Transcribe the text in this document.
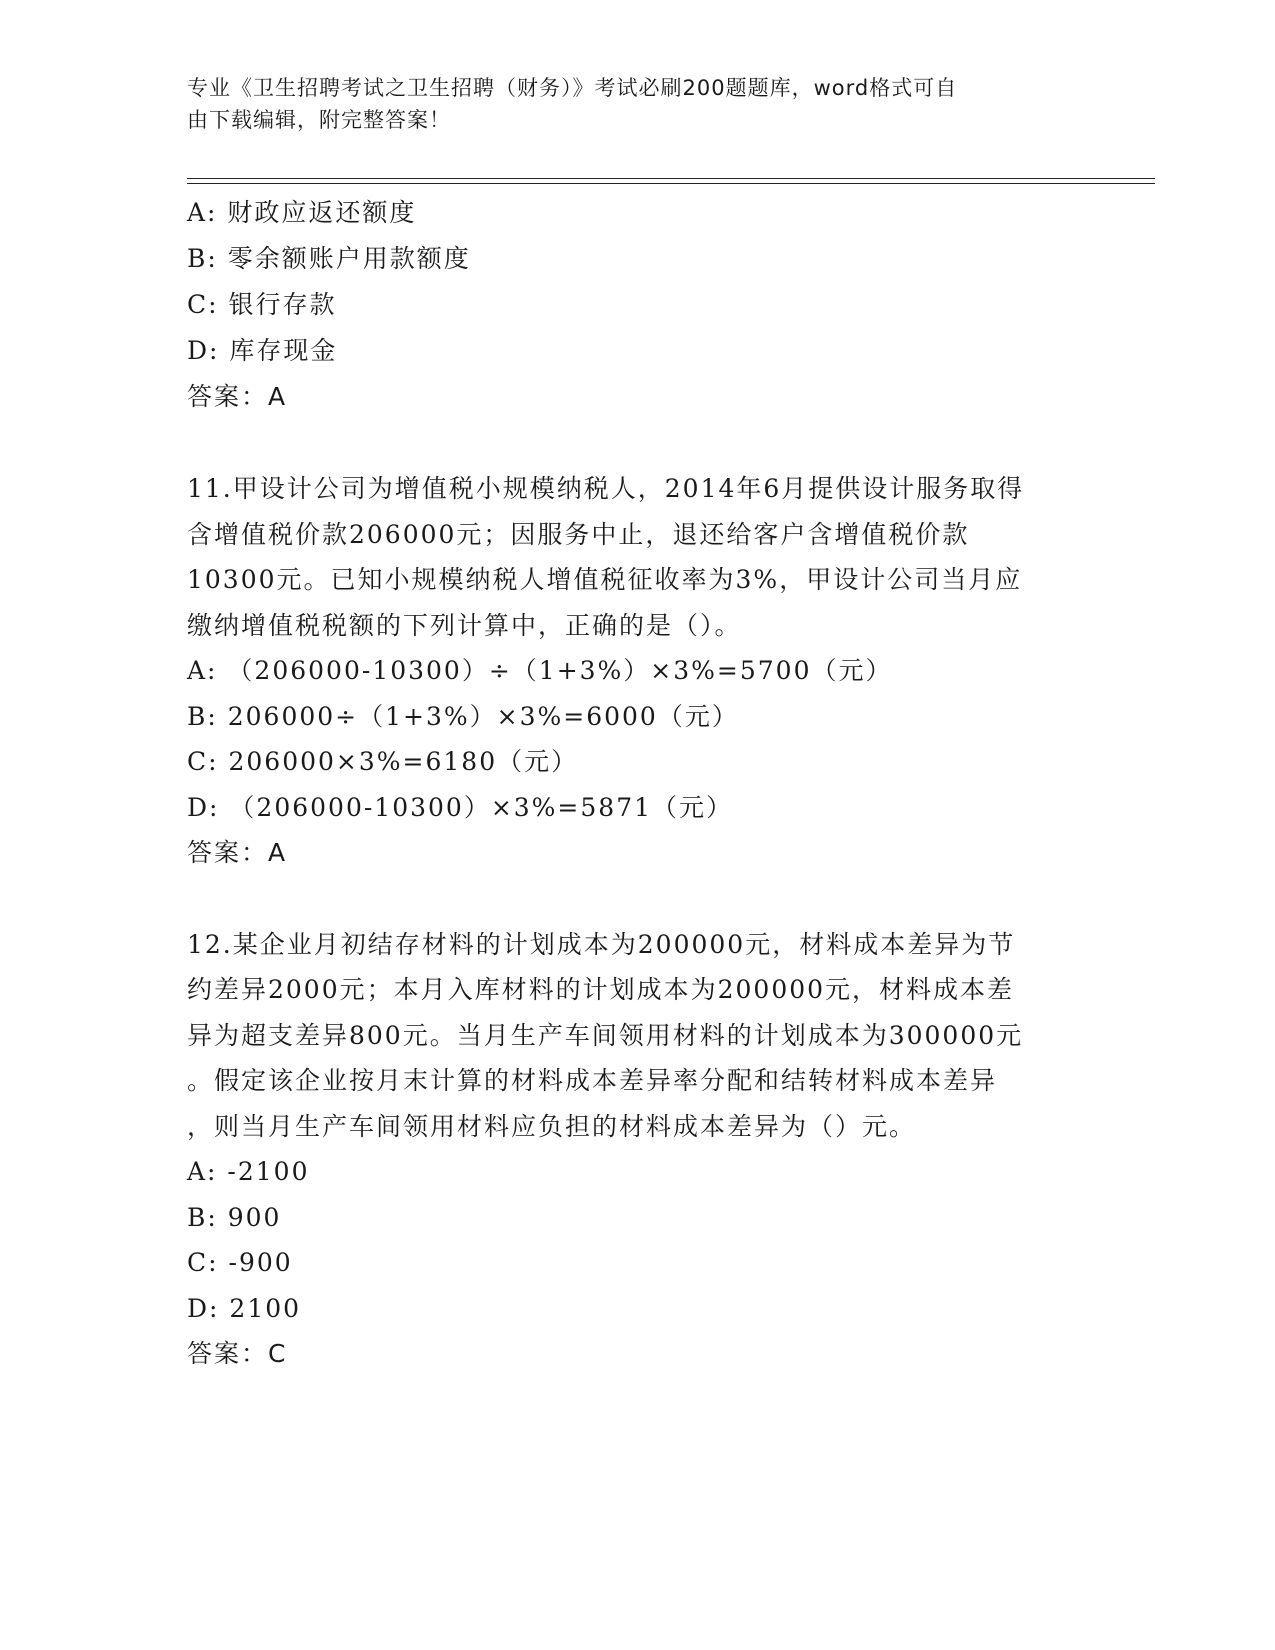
专业《卫生招聘考试之卫生招聘（财务）》考试必刷200题题库，word格式可自
由下载编辑，附完整答案！
A: 财政应返还额度
B: 零余额账户用款额度
C: 银行存款
D: 库存现金
答案：A
11.甲设计公司为增值税小规模纳税人，2014年6月提供设计服务取得
含增值税价款206000元；因服务中止，退还给客户含增值税价款
10300元。已知小规模纳税人增值税征收率为3%，甲设计公司当月应
缴纳增值税税额的下列计算中，正确的是（）。
A: （206000-10300）÷（1+3%）×3%=5700（元）
B: 206000÷（1+3%）×3%=6000（元）
C: 206000×3%=6180（元）
D: （206000-10300）×3%=5871（元）
答案：A
12.某企业月初结存材料的计划成本为200000元，材料成本差异为节
约差异2000元；本月入库材料的计划成本为200000元，材料成本差
异为超支差异800元。当月生产车间领用材料的计划成本为300000元
。假定该企业按月末计算的材料成本差异率分配和结转材料成本差异
，则当月生产车间领用材料应负担的材料成本差异为（）元。
A: -2100
B: 900
C: -900
D: 2100
答案：C
